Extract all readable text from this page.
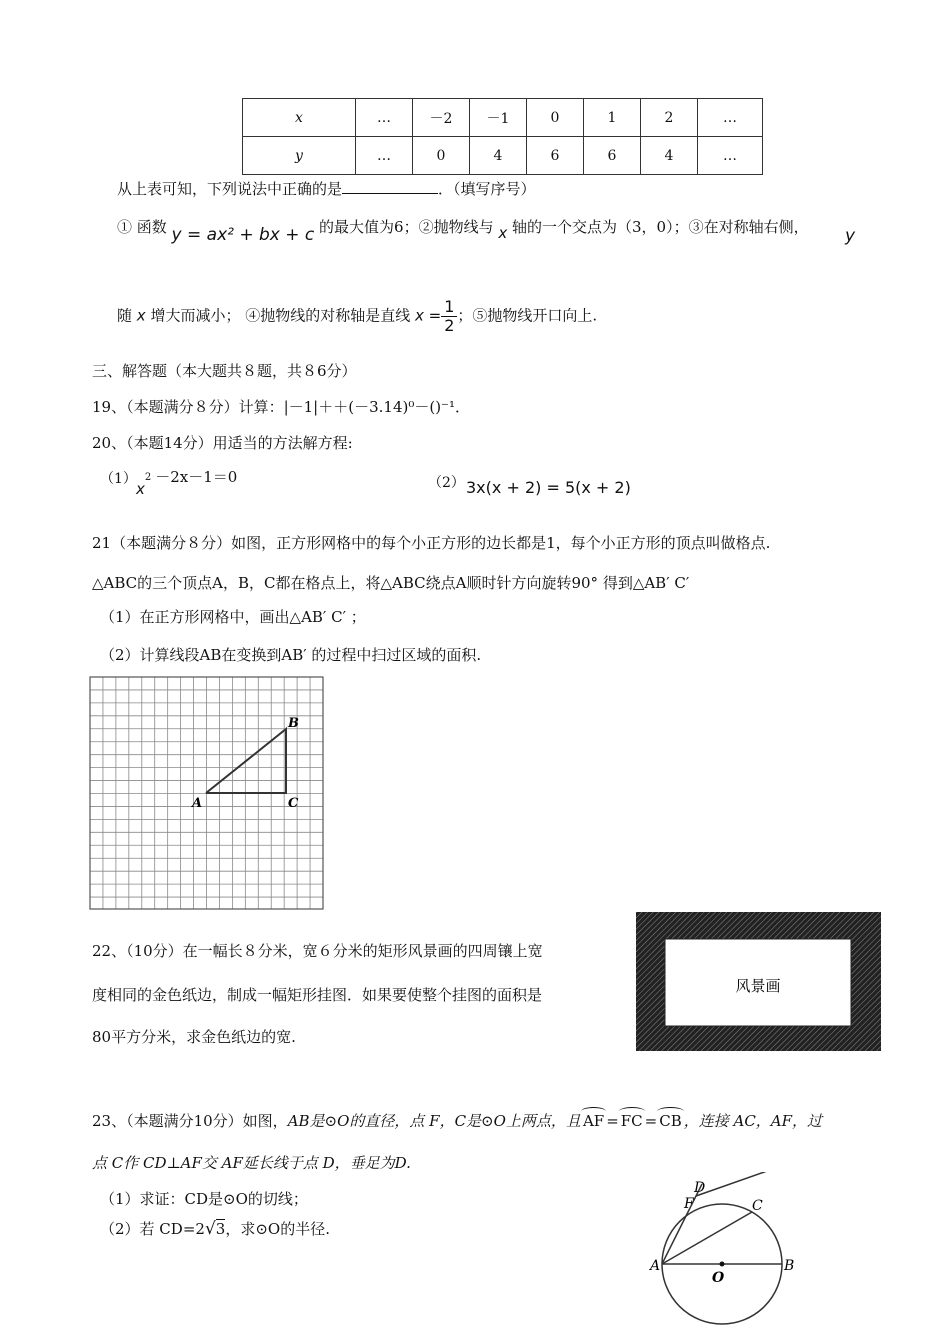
x	…	－2	－1	0	1	2	…
y	…	0	4	6	6	4	…
从上表可知，下列说法中正确的是	．（填写序号）
① 函数 y = ax² + bx + c 的最大值为6；②抛物线与 x 轴的一个交点为（3，0）；③在对称轴右侧，	y
随 x 增大而减小； ④抛物线的对称轴是直线 $x = \frac{1}{2}$ ；⑤抛物线开口向上.
三、解答题（本大题共８题，共８6分）
19、（本题满分８分）计算：|－1|＋＋(－3.14)⁰－()⁻¹．
20、（本题14分）用适当的方法解方程:
（1）
$x^2 -2x-1=0$	（2） 3x(x + 2) = 5(x + 2)
21（本题满分８分）如图，正方形网格中的每个小正方形的边长都是1，每个小正方形的顶点叫做格点.
△ABC的三个顶点A，B，C都在格点上，将△ABC绕点A顺时针方向旋转90° 得到△AB′ C′
（1）在正方形网格中，画出△AB′ C′ ；
（2）计算线段AB在变换到AB′ 的过程中扫过区域的面积.
A
B
C
22、（10分）在一幅长８分米，宽６分米的矩形风景画的四周镶上宽
度相同的金色纸边，制成一幅矩形挂图．如果要使整个挂图的面积是
80平方分米，求金色纸边的宽.
风景画
23、（本题满分10分）如图，AB是⊙O的直径，点 F，C是⊙O上两点，且 AF = FC = CB ，连接 AC，AF，过
点 C作 CD⊥AF交 AF延长线于点 D，垂足为D.
（1）求证：CD是⊙O的切线；
（2）若 CD=2√3，求⊙O的半径.
A	B
C
D
F
O
